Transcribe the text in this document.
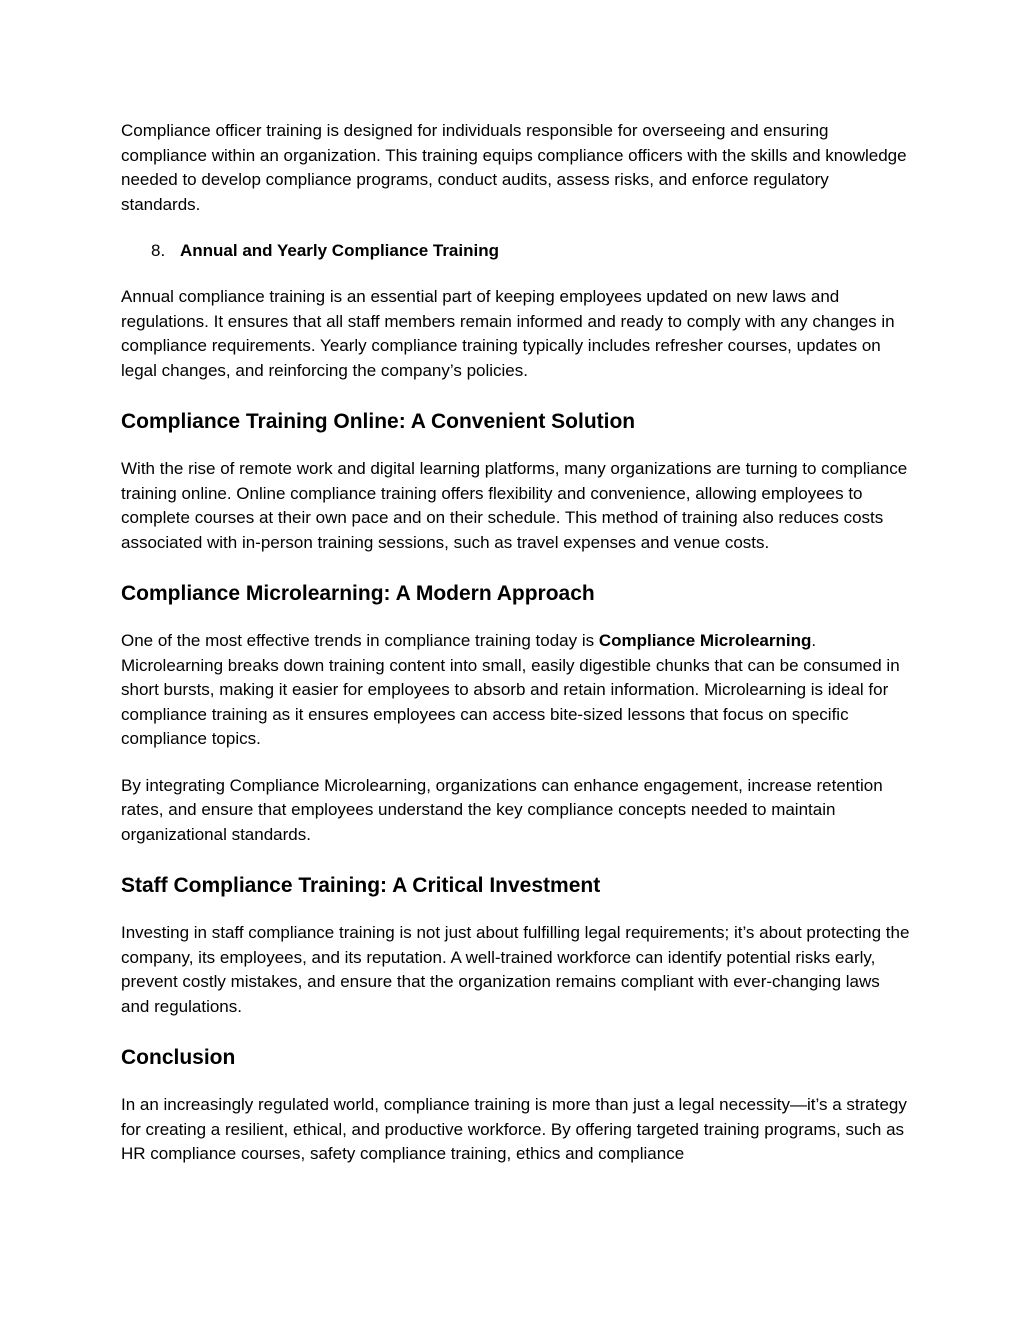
Compliance officer training is designed for individuals responsible for overseeing and ensuring compliance within an organization. This training equips compliance officers with the skills and knowledge needed to develop compliance programs, conduct audits, assess risks, and enforce regulatory standards.

8. Annual and Yearly Compliance Training

Annual compliance training is an essential part of keeping employees updated on new laws and regulations. It ensures that all staff members remain informed and ready to comply with any changes in compliance requirements. Yearly compliance training typically includes refresher courses, updates on legal changes, and reinforcing the company’s policies.

Compliance Training Online: A Convenient Solution

With the rise of remote work and digital learning platforms, many organizations are turning to compliance training online. Online compliance training offers flexibility and convenience, allowing employees to complete courses at their own pace and on their schedule. This method of training also reduces costs associated with in-person training sessions, such as travel expenses and venue costs.

Compliance Microlearning: A Modern Approach

One of the most effective trends in compliance training today is Compliance Microlearning. Microlearning breaks down training content into small, easily digestible chunks that can be consumed in short bursts, making it easier for employees to absorb and retain information. Microlearning is ideal for compliance training as it ensures employees can access bite-sized lessons that focus on specific compliance topics.

By integrating Compliance Microlearning, organizations can enhance engagement, increase retention rates, and ensure that employees understand the key compliance concepts needed to maintain organizational standards.

Staff Compliance Training: A Critical Investment

Investing in staff compliance training is not just about fulfilling legal requirements; it’s about protecting the company, its employees, and its reputation. A well-trained workforce can identify potential risks early, prevent costly mistakes, and ensure that the organization remains compliant with ever-changing laws and regulations.

Conclusion

In an increasingly regulated world, compliance training is more than just a legal necessity—it’s a strategy for creating a resilient, ethical, and productive workforce. By offering targeted training programs, such as HR compliance courses, safety compliance training, ethics and compliance
